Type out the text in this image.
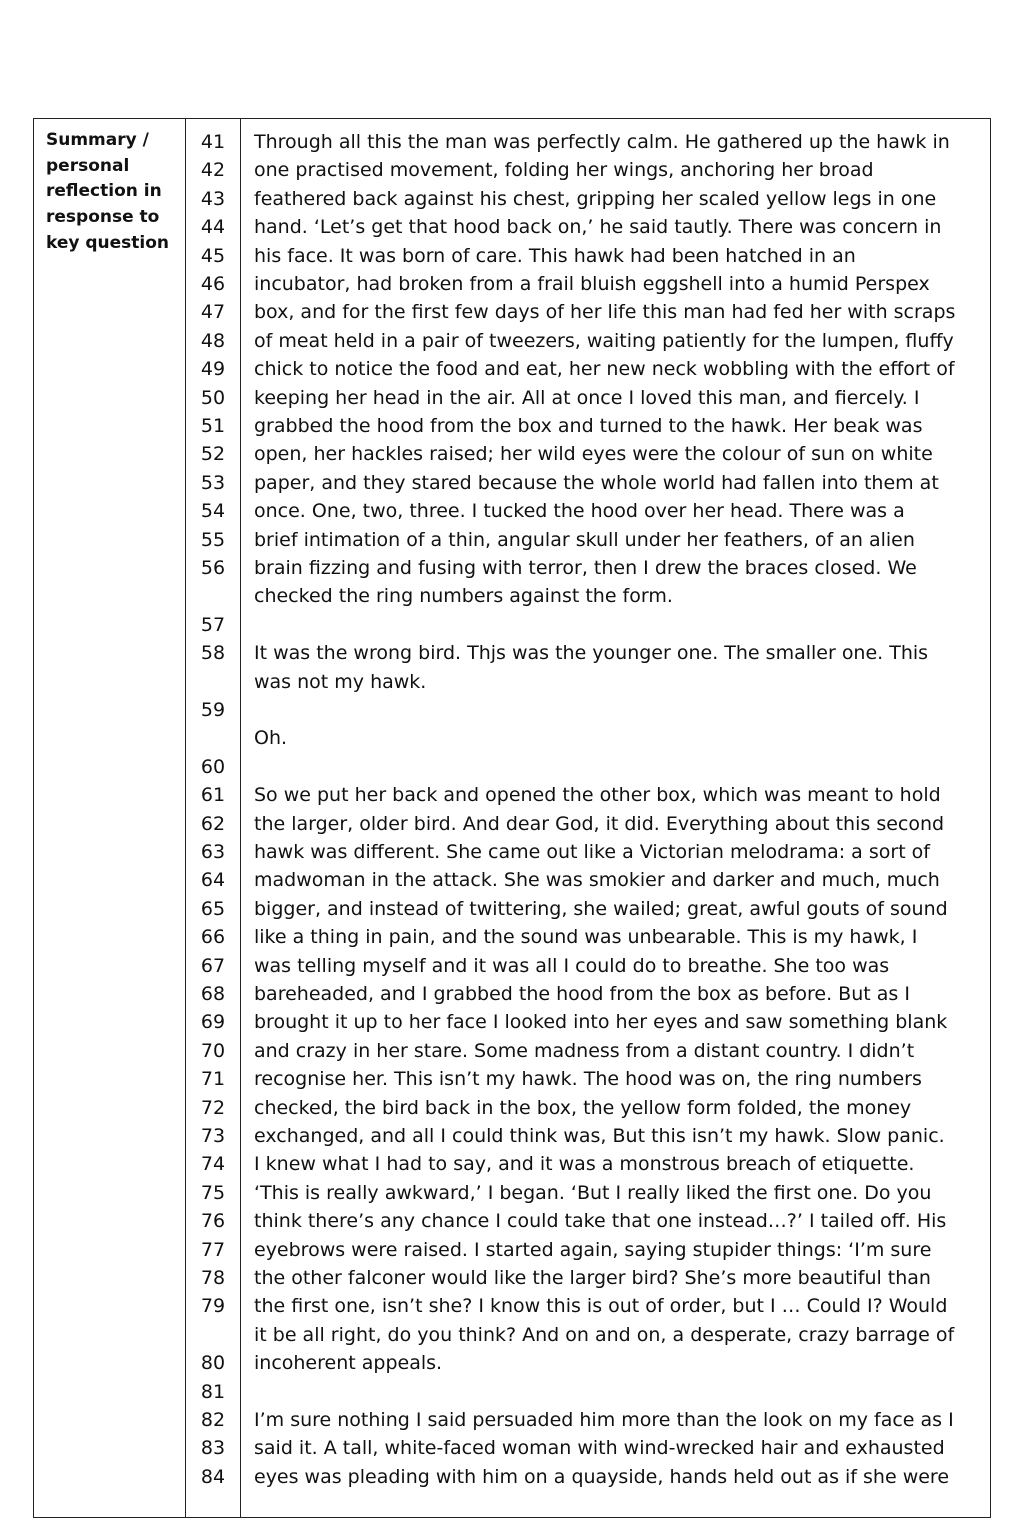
Summary / personal reflection in response to key question
41
42
43
44
45
46
47
48
49
50
51
52
53
54
55
56
57
58
59
60
61
62
63
64
65
66
67
68
69
70
71
72
73
74
75
76
77
78
79
80
81
82
83
84
Through all this the man was perfectly calm. He gathered up the hawk in
one practised movement, folding her wings, anchoring her broad
feathered back against his chest, gripping her scaled yellow legs in one
hand. ‘Let’s get that hood back on,’ he said tautly. There was concern in
his face. It was born of care. This hawk had been hatched in an
incubator, had broken from a frail bluish eggshell into a humid Perspex
box, and for the first few days of her life this man had fed her with scraps
of meat held in a pair of tweezers, waiting patiently for the lumpen, fluffy
chick to notice the food and eat, her new neck wobbling with the effort of
keeping her head in the air. All at once I loved this man, and fiercely. I
grabbed the hood from the box and turned to the hawk. Her beak was
open, her hackles raised; her wild eyes were the colour of sun on white
paper, and they stared because the whole world had fallen into them at
once. One, two, three. I tucked the hood over her head. There was a
brief intimation of a thin, angular skull under her feathers, of an alien
brain fizzing and fusing with terror, then I drew the braces closed. We
checked the ring numbers against the form.
It was the wrong bird. Thjs was the younger one. The smaller one. This
was not my hawk.
Oh.
So we put her back and opened the other box, which was meant to hold
the larger, older bird. And dear God, it did. Everything about this second
hawk was different. She came out like a Victorian melodrama: a sort of
madwoman in the attack. She was smokier and darker and much, much
bigger, and instead of twittering, she wailed; great, awful gouts of sound
like a thing in pain, and the sound was unbearable. This is my hawk, I
was telling myself and it was all I could do to breathe. She too was
bareheaded, and I grabbed the hood from the box as before. But as I
brought it up to her face I looked into her eyes and saw something blank
and crazy in her stare. Some madness from a distant country. I didn’t
recognise her. This isn’t my hawk. The hood was on, the ring numbers
checked, the bird back in the box, the yellow form folded, the money
exchanged, and all I could think was, But this isn’t my hawk. Slow panic.
I knew what I had to say, and it was a monstrous breach of etiquette.
‘This is really awkward,’ I began. ‘But I really liked the first one. Do you
think there’s any chance I could take that one instead…?’ I tailed off. His
eyebrows were raised. I started again, saying stupider things: ‘I’m sure
the other falconer would like the larger bird? She’s more beautiful than
the first one, isn’t she? I know this is out of order, but I … Could I? Would
it be all right, do you think? And on and on, a desperate, crazy barrage of
incoherent appeals.
I’m sure nothing I said persuaded him more than the look on my face as I
said it. A tall, white-faced woman with wind-wrecked hair and exhausted
eyes was pleading with him on a quayside, hands held out as if she were
